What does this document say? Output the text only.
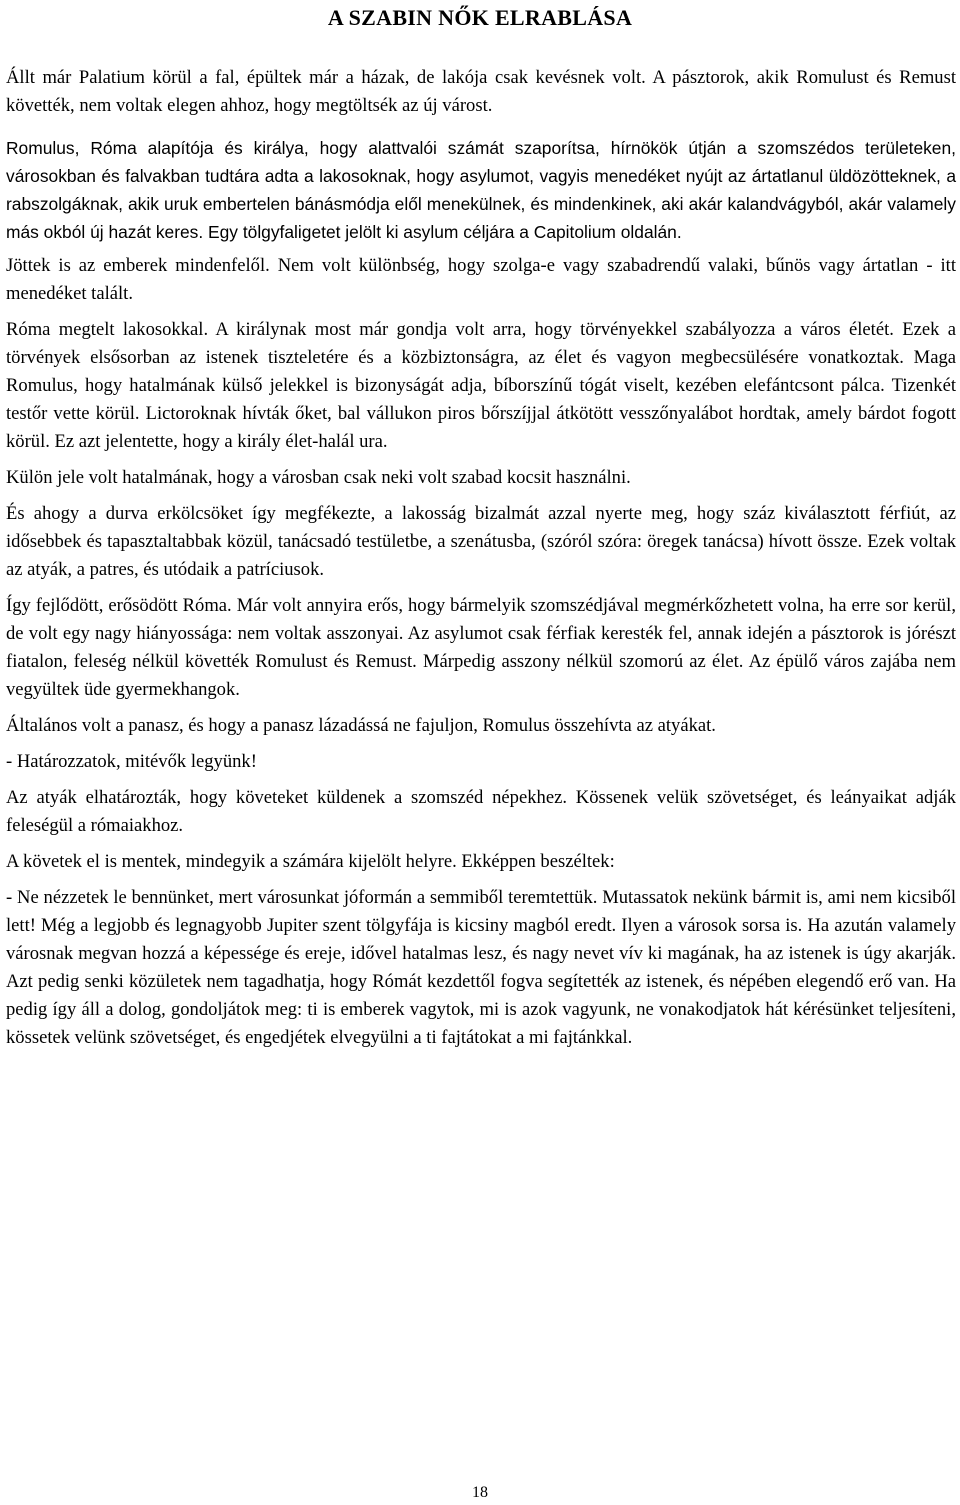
A SZABIN NŐK ELRABLÁSA

Állt már Palatium körül a fal, épültek már a házak, de lakója csak kevésnek volt. A pásztorok, akik Romulust és Remust követték, nem voltak elegen ahhoz, hogy megtöltsék az új várost.

Romulus, Róma alapítója és királya, hogy alattvalói számát szaporítsa, hírnökök útján a szomszédos területeken, városokban és falvakban tudtára adta a lakosoknak, hogy asylumot, vagyis menedéket nyújt az ártatlanul üldözötteknek, a rabszolgáknak, akik uruk embertelen bánásmódja elől menekülnek, és mindenkinek, aki akár kalandvágyból, akár valamely más okból új hazát keres. Egy tölgyfaligetet jelölt ki asylum céljára a Capitolium oldalán.

Jöttek is az emberek mindenfelől. Nem volt különbség, hogy szolga-e vagy szabadrendű valaki, bűnös vagy ártatlan - itt menedéket talált.

Róma megtelt lakosokkal. A királynak most már gondja volt arra, hogy törvényekkel szabályozza a város életét. Ezek a törvények elsősorban az istenek tiszteletére és a közbiztonságra, az élet és vagyon megbecsülésére vonatkoztak. Maga Romulus, hogy hatalmának külső jelekkel is bizonyságát adja, bíborszínű tógát viselt, kezében elefántcsont pálca. Tizenkét testőr vette körül. Lictoroknak hívták őket, bal vállukon piros bőrszíjjal átkötött vesszőnyalábot hordtak, amely bárdot fogott körül. Ez azt jelentette, hogy a király élet-halál ura.

Külön jele volt hatalmának, hogy a városban csak neki volt szabad kocsit használni.

És ahogy a durva erkölcsöket így megfékezte, a lakosság bizalmát azzal nyerte meg, hogy száz kiválasztott férfiút, az idősebbek és tapasztaltabbak közül, tanácsadó testületbe, a szenátusba, (szóról szóra: öregek tanácsa) hívott össze. Ezek voltak az atyák, a patres, és utódaik a patríciusok.

Így fejlődött, erősödött Róma. Már volt annyira erős, hogy bármelyik szomszédjával megmérkőzhetett volna, ha erre sor kerül, de volt egy nagy hiányossága: nem voltak asszonyai. Az asylumot csak férfiak keresték fel, annak idején a pásztorok is jórészt fiatalon, feleség nélkül követték Romulust és Remust. Márpedig asszony nélkül szomorú az élet. Az épülő város zajába nem vegyültek üde gyermekhangok.

Általános volt a panasz, és hogy a panasz lázadássá ne fajuljon, Romulus összehívta az atyákat.

- Határozzatok, mitévők legyünk!

Az atyák elhatározták, hogy követeket küldenek a szomszéd népekhez. Kössenek velük szövetséget, és leányaikat adják feleségül a rómaiakhoz.

A követek el is mentek, mindegyik a számára kijelölt helyre. Ekképpen beszéltek:

- Ne nézzetek le bennünket, mert városunkat jóformán a semmiből teremtettük. Mutassatok nekünk bármit is, ami nem kicsiből lett! Még a legjobb és legnagyobb Jupiter szent tölgyfája is kicsiny magból eredt. Ilyen a városok sorsa is. Ha azután valamely városnak megvan hozzá a képessége és ereje, idővel hatalmas lesz, és nagy nevet vív ki magának, ha az istenek is úgy akarják. Azt pedig senki közületek nem tagadhatja, hogy Rómát kezdettől fogva segítették az istenek, és népében elegendő erő van. Ha pedig így áll a dolog, gondoljátok meg: ti is emberek vagytok, mi is azok vagyunk, ne vonakodjatok hát kérésünket teljesíteni, kössetek velünk szövetséget, és engedjétek elvegyülni a ti fajtátokat a mi fajtánkkal.

18
